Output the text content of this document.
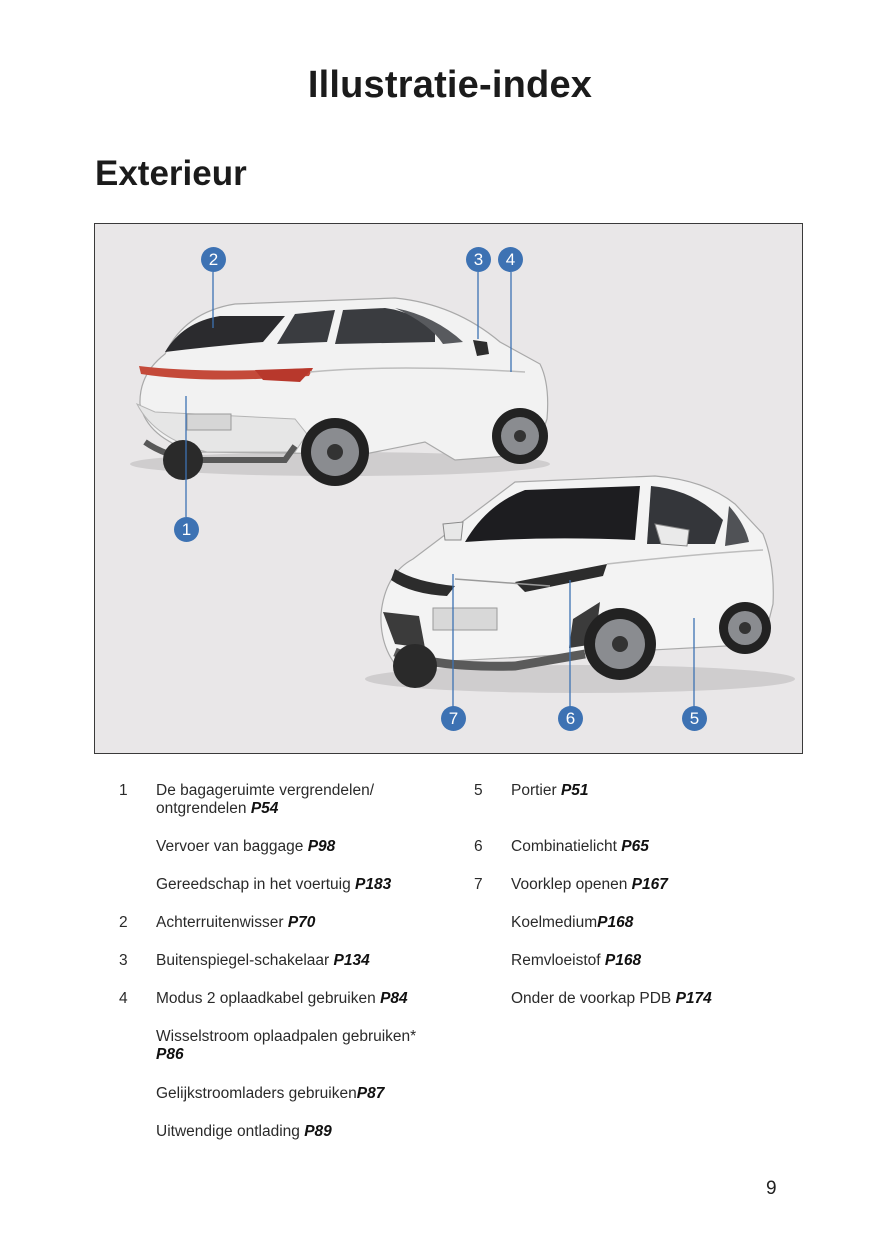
Illustratie-index
Exterieur
2	3	4
1
7	6	5
1 De bagageruimte vergrendelen/ ontgrendelen P54
Vervoer van baggage P98
Gereedschap in het voertuig P183
2 Achterruitenwisser P70
3 Buitenspiegel-schakelaar P134
4 Modus 2 oplaadkabel gebruiken P84
Wisselstroom oplaadpalen gebruiken* P86
Gelijkstroomladers gebruikenP87
Uitwendige ontlading P89
5 Portier P51
6 Combinatielicht P65
7 Voorklep openen P167
KoelmediumP168
Remvloeistof P168
Onder de voorkap PDB P174
9
